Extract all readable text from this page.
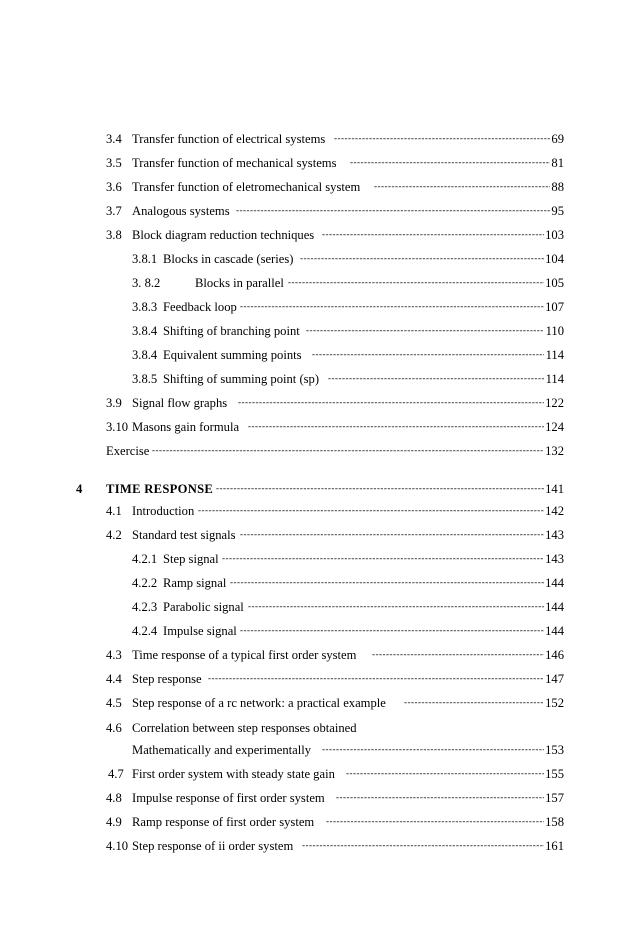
3.4 Transfer function of electrical systems -----	69
3.5 Transfer function of mechanical systems -----	81
3.6 Transfer function of eletromechanical system -----	88
3.7 Analogous systems -----	95
3.8 Block diagram reduction techniques -----	103
3.8.1 Blocks in cascade (series) -----	104
3. 8.2	Blocks in parallel -----	105
3.8.3 Feedback loop -----	107
3.8.4 Shifting of branching point -----	110
3.8.4 Equivalent summing points -----	114
3.8.5 Shifting of summing point (sp) -----	114
3.9 Signal flow graphs -----	122
3.10 Masons gain formula -----	124
Exercise -----	132
4 TIME RESPONSE -----	141
4.1 Introduction -----	142
4.2 Standard test signals -----	143
4.2.1 Step signal -----	143
4.2.2 Ramp signal -----	144
4.2.3 Parabolic signal -----	144
4.2.4 Impulse signal -----	144
4.3 Time response of a typical first order system -----	146
4.4 Step response -----	147
4.5 Step response of a rc network: a practical example -----	152
4.6 Correlation between step responses obtained
Mathematically and experimentally -----	153
4.7 First order system with steady state gain -----	155
4.8 Impulse response of first order system -----	157
4.9 Ramp response of first order system -----	158
4.10 Step response of ii order system -----	161
